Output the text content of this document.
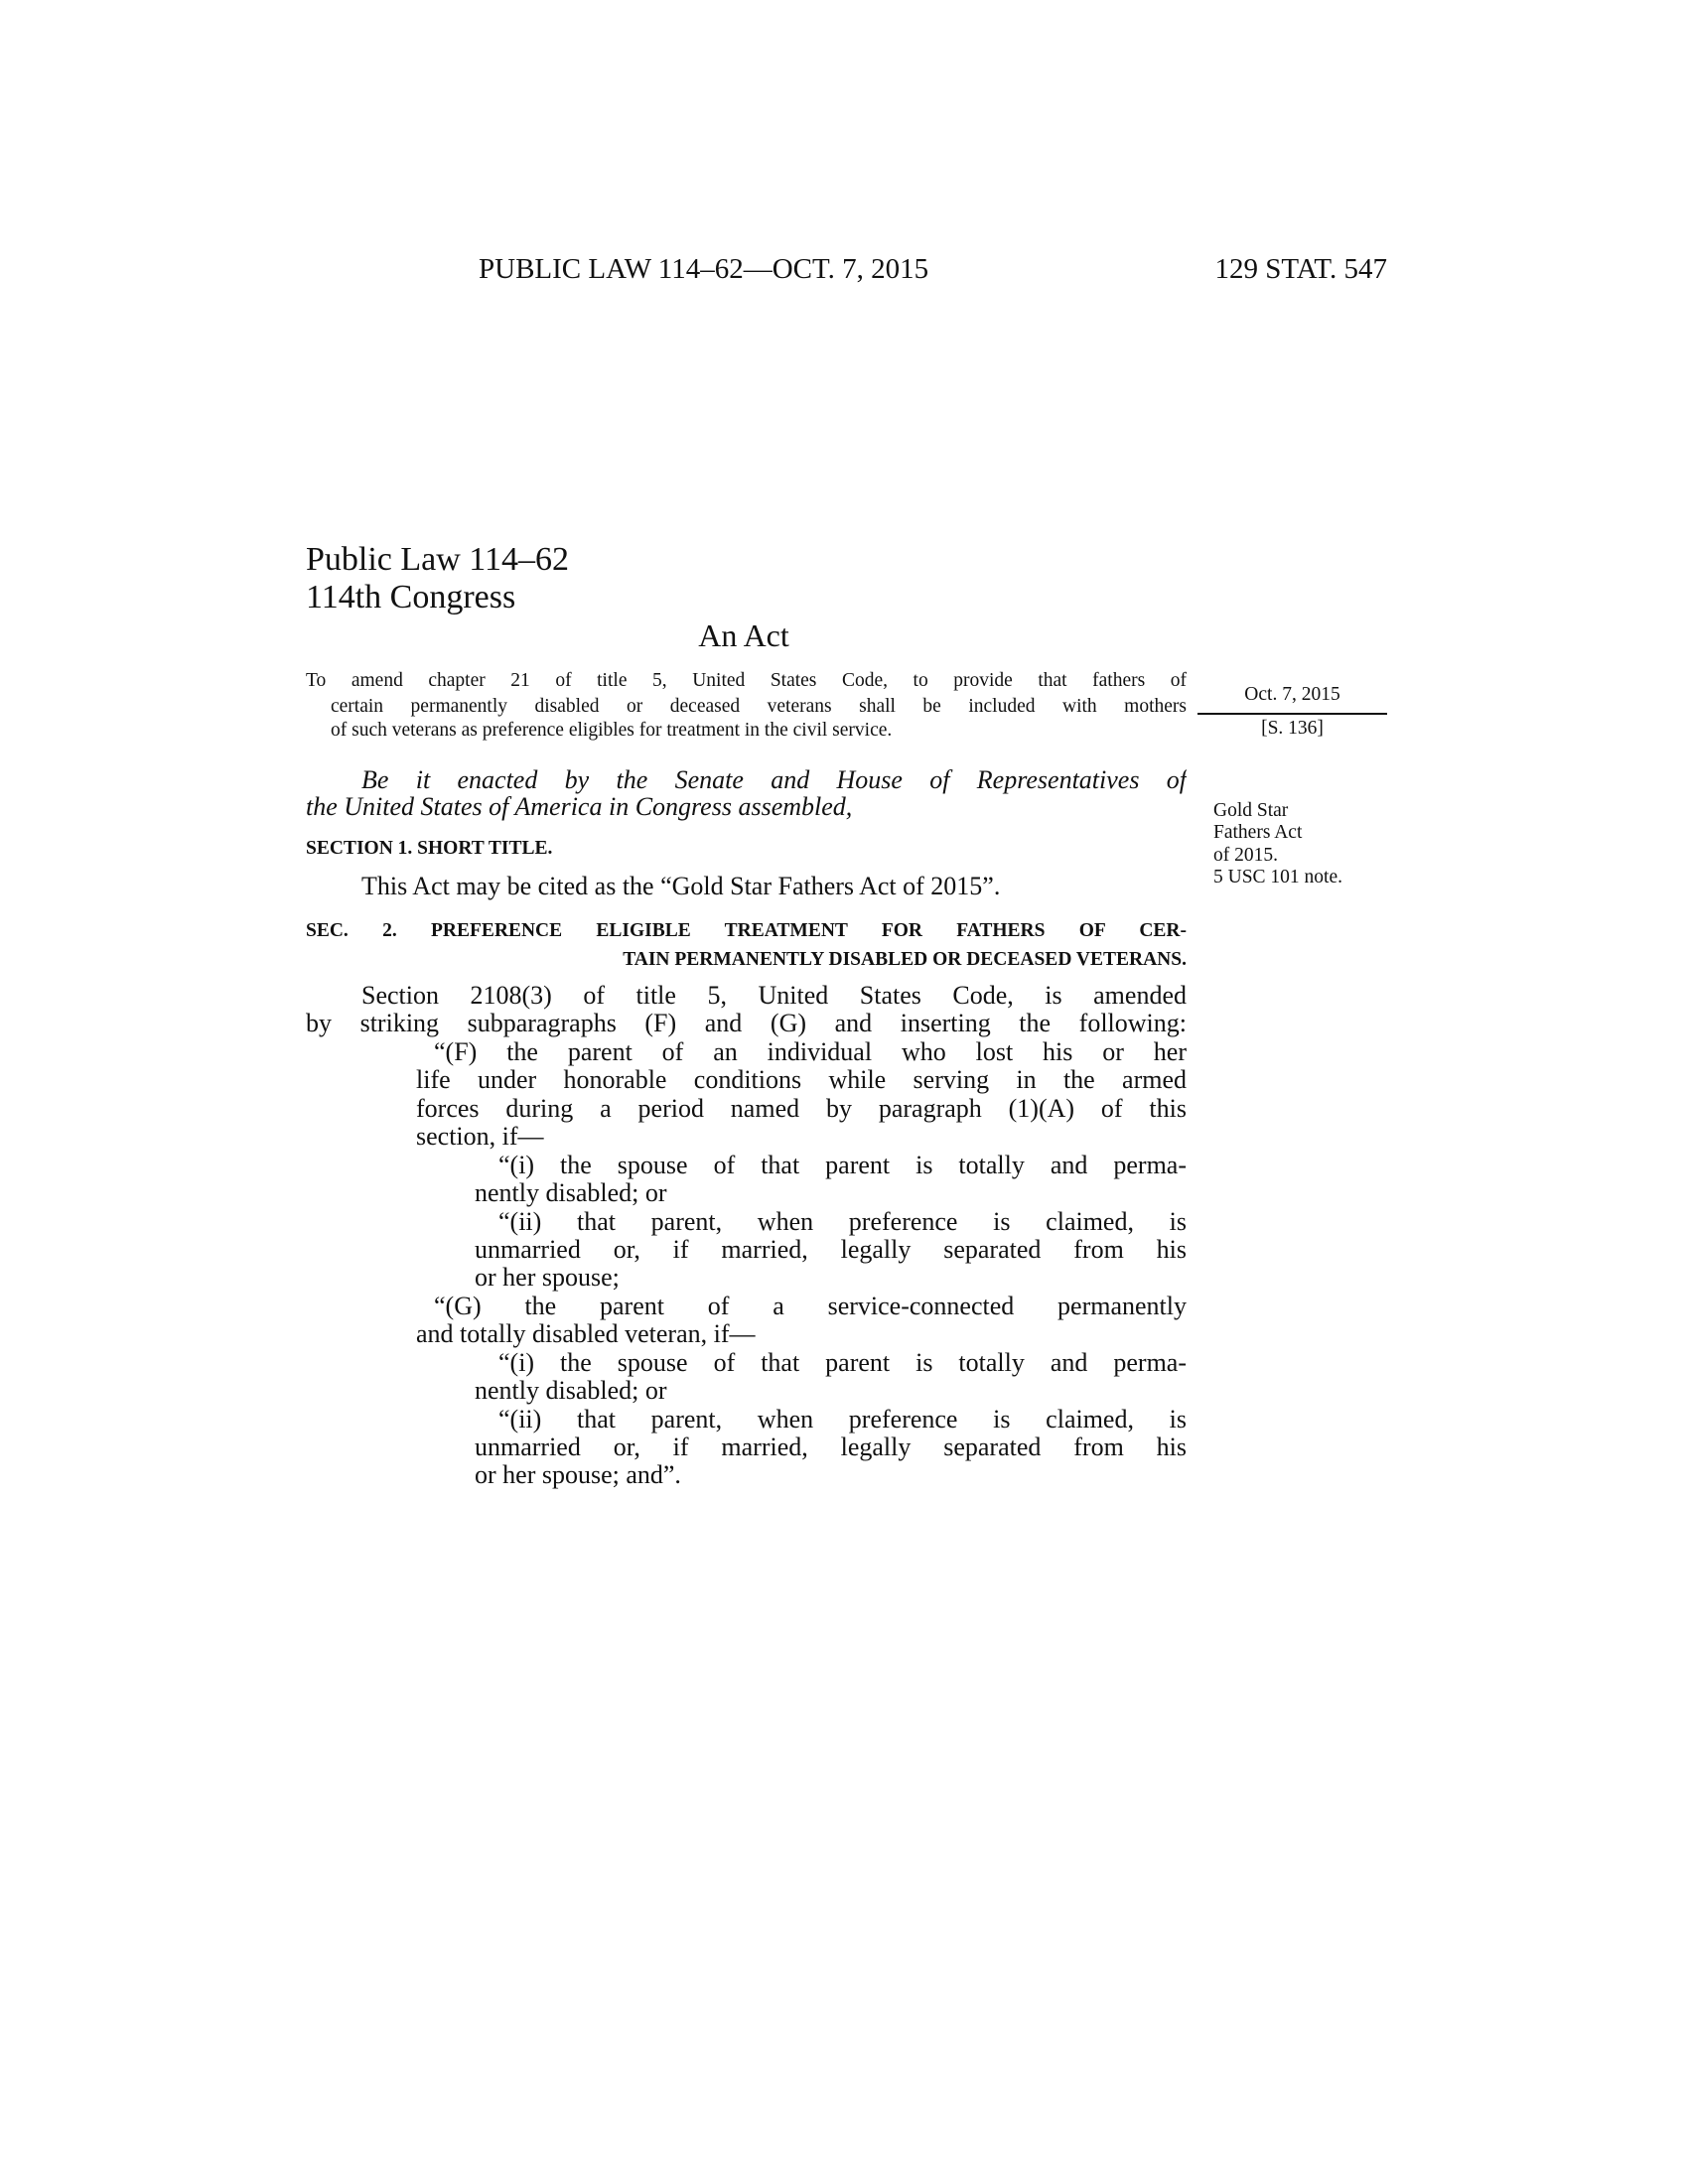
PUBLIC LAW 114–62—OCT. 7, 2015	129 STAT. 547
Public Law 114–62
114th Congress
An Act
To amend chapter 21 of title 5, United States Code, to provide that fathers of
certain permanently disabled or deceased veterans shall be included with mothers
of such veterans as preference eligibles for treatment in the civil service.
Oct. 7, 2015
[S. 136]
Gold Star
Fathers Act
of 2015.
5 USC 101 note.
Be it enacted by the Senate and House of Representatives of
the United States of America in Congress assembled,
SECTION 1. SHORT TITLE.
This Act may be cited as the “Gold Star Fathers Act of 2015”.
SEC. 2. PREFERENCE ELIGIBLE TREATMENT FOR FATHERS OF CER-
TAIN PERMANENTLY DISABLED OR DECEASED VETERANS.
Section 2108(3) of title 5, United States Code, is amended
by striking subparagraphs (F) and (G) and inserting the following:
“(F) the parent of an individual who lost his or her
life under honorable conditions while serving in the armed
forces during a period named by paragraph (1)(A) of this
section, if—
“(i) the spouse of that parent is totally and perma-
nently disabled; or
“(ii) that parent, when preference is claimed, is
unmarried or, if married, legally separated from his
or her spouse;
“(G) the parent of a service-connected permanently
and totally disabled veteran, if—
“(i) the spouse of that parent is totally and perma-
nently disabled; or
“(ii) that parent, when preference is claimed, is
unmarried or, if married, legally separated from his
or her spouse; and”.
